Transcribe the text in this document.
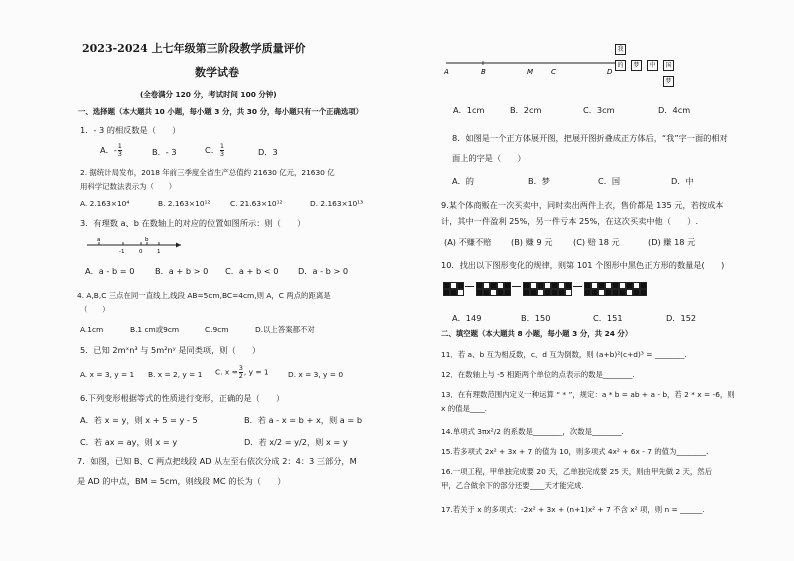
2023-2024 上七年级第三阶段教学质量评价
数学试卷
(全卷满分 120 分，考试时间 100 分钟)
一、选择题（本大题共 10 小题，每小题 3 分，共 30 分，每小题只有一个正确选项）
1．- 3 的相反数是（　　）
A．- $\frac{1}{3}$	B．- 3	C． $\frac{1}{3}$	D．3
2. 据统计局发布，2018 年前三季度全省生产总值约 21630 亿元，21630 亿
用科学记数法表示为（　　）
A. 2.163×10⁴	B. 2.163×10¹²	C. 21.63×10¹²	D. 2.163×10¹³
3．有理数 a、b 在数轴上的对应的位置如图所示：则（　　）
a	b
-1	0	1
A．a - b = 0	B．a + b > 0 C．a + b < 0 D．a - b > 0
4. A,B,C 三点在同一直线上,线段 AB=5cm,BC=4cm,则 A，C 两点的距离是
（　　）
A.1cm	B.1 cm或9cm	C.9cm	D.以上答案都不对
5．已知 2mˣn³ 与 5m²nʸ 是同类项，则（　　）
A. x = 3, y = 1 B. x = 2, y = 1 C. $x = \frac{3}{2}$ , y = 1	D. x = 3, y = 0
6.下列变形根据等式的性质进行变形，正确的是（　　）
A．若 x = y，则 x + 5 = y - 5	B．若 a - x = b + x，则 a = b
C．若 ax = ay，则 x = y	D．若 x/2 = y/2，则 x = y
7．如图，已知 B、C 两点把线段 AD 从左至右依次分成 2：4：3 三部分，M
是 AD 的中点，BM = 5cm，则线段 MC 的长为（　　）
A	B	M	C	D
我
的	梦	中	国
梦
A．1cm	B．2cm	C．3cm	D．4cm
8．如图是一个正方体展开图，把展开图折叠成正方体后，“我”字一面的相对
面上的字是（　　）
A．的	B．梦	C．国	D．中
9.某个体商贩在一次买卖中，同时卖出两件上衣，售价都是 135 元，若按成本
计，其中一件盈利 25%，另一件亏本 25%，在这次买卖中他（　　）.
(A) 不赚不赔 (B) 赚 9 元	(C) 赔 18 元	(D) 赚 18 元
10．找出以下图形变化的规律，则第 101 个图形中黑色正方形的数量是(　　)
A．149	B．150	C．151	D．152
二、填空题（本大题共 8 小题，每小题 3 分，共 24 分）
11．若 a、b 互为相反数，c、d 互为倒数，则 (a+b)²(c+d)³ = ________.
12．在数轴上与 -5 相距两个单位的点表示的数是________.
13．在有理数范围内定义一种运算 “ * ”，规定：a * b = ab + a - b，若 2 * x = -6，则
x 的值是____.
14.单项式 3πx²/2 的系数是________，次数是________.
15.若多项式 2x² + 3x + 7 的值为 10，则多项式 4x² + 6x - 7 的值为________.
16.一项工程，甲单独完成要 20 天，乙单独完成要 25 天，则由甲先做 2 天，然后
甲，乙合做余下的部分还要____天才能完成.
17.若关于 x 的多项式：-2x² + 3x + (n+1)x² + 7 不含 x² 项，则 n = ______.
